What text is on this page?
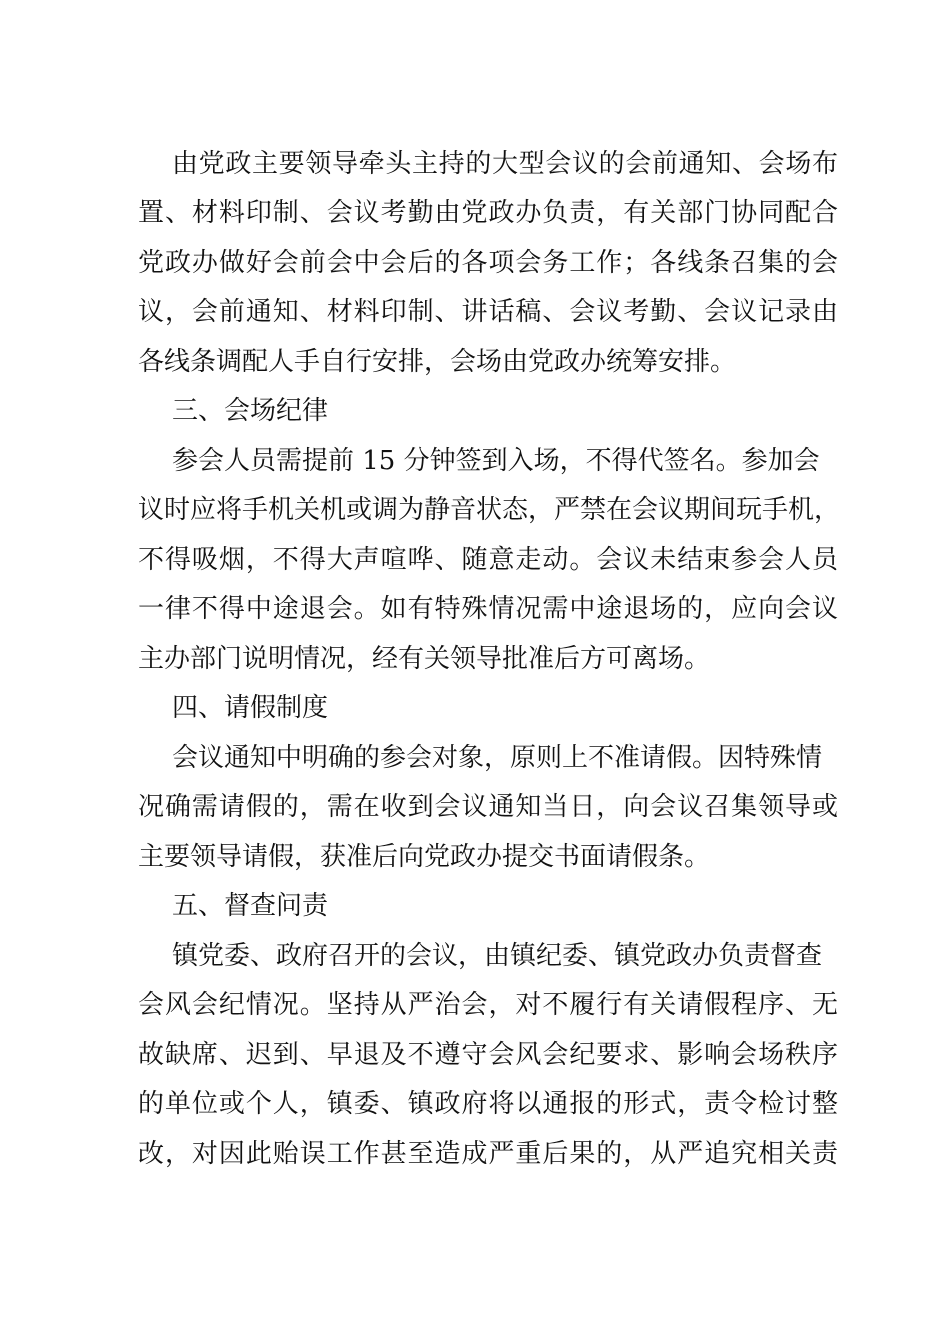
由党政主要领导牵头主持的大型会议的会前通知、会场布
置、材料印制、会议考勤由党政办负责，有关部门协同配合
党政办做好会前会中会后的各项会务工作；各线条召集的会
议，会前通知、材料印制、讲话稿、会议考勤、会议记录由
各线条调配人手自行安排，会场由党政办统筹安排。
三、会场纪律
参会人员需提前 15 分钟签到入场，不得代签名。参加会
议时应将手机关机或调为静音状态，严禁在会议期间玩手机，
不得吸烟，不得大声喧哗、随意走动。会议未结束参会人员
一律不得中途退会。如有特殊情况需中途退场的，应向会议
主办部门说明情况，经有关领导批准后方可离场。
四、请假制度
会议通知中明确的参会对象，原则上不准请假。因特殊情
况确需请假的，需在收到会议通知当日，向会议召集领导或
主要领导请假，获准后向党政办提交书面请假条。
五、督查问责
镇党委、政府召开的会议，由镇纪委、镇党政办负责督查
会风会纪情况。坚持从严治会，对不履行有关请假程序、无
故缺席、迟到、早退及不遵守会风会纪要求、影响会场秩序
的单位或个人，镇委、镇政府将以通报的形式，责令检讨整
改，对因此贻误工作甚至造成严重后果的，从严追究相关责
